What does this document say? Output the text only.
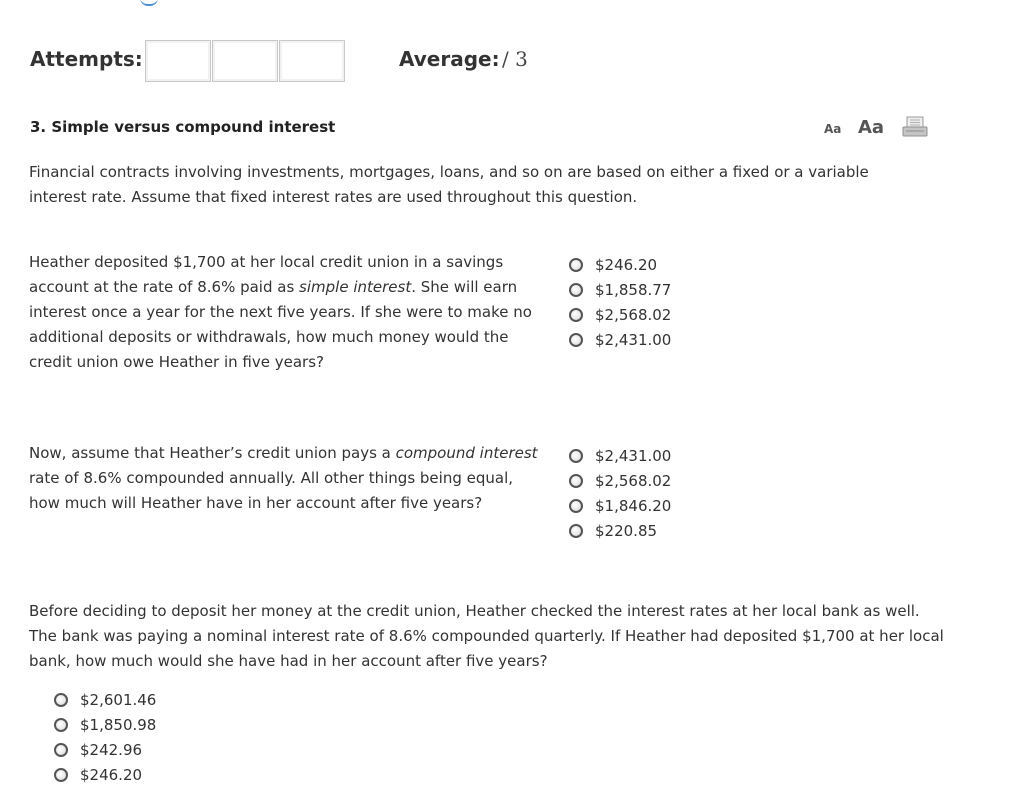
Attempts:	Average: / 3
3. Simple versus compound interest	Aa Aa
Financial contracts involving investments, mortgages, loans, and so on are based on either a fixed or a variable interest rate. Assume that fixed interest rates are used throughout this question.
Heather deposited $1,700 at her local credit union in a savings account at the rate of 8.6% paid as simple interest. She will earn interest once a year for the next five years. If she were to make no additional deposits or withdrawals, how much money would the credit union owe Heather in five years?
$246.20
$1,858.77
$2,568.02
$2,431.00
Now, assume that Heather’s credit union pays a compound interest rate of 8.6% compounded annually. All other things being equal, how much will Heather have in her account after five years?
$2,431.00
$2,568.02
$1,846.20
$220.85
Before deciding to deposit her money at the credit union, Heather checked the interest rates at her local bank as well. The bank was paying a nominal interest rate of 8.6% compounded quarterly. If Heather had deposited $1,700 at her local bank, how much would she have had in her account after five years?
$2,601.46
$1,850.98
$242.96
$246.20
